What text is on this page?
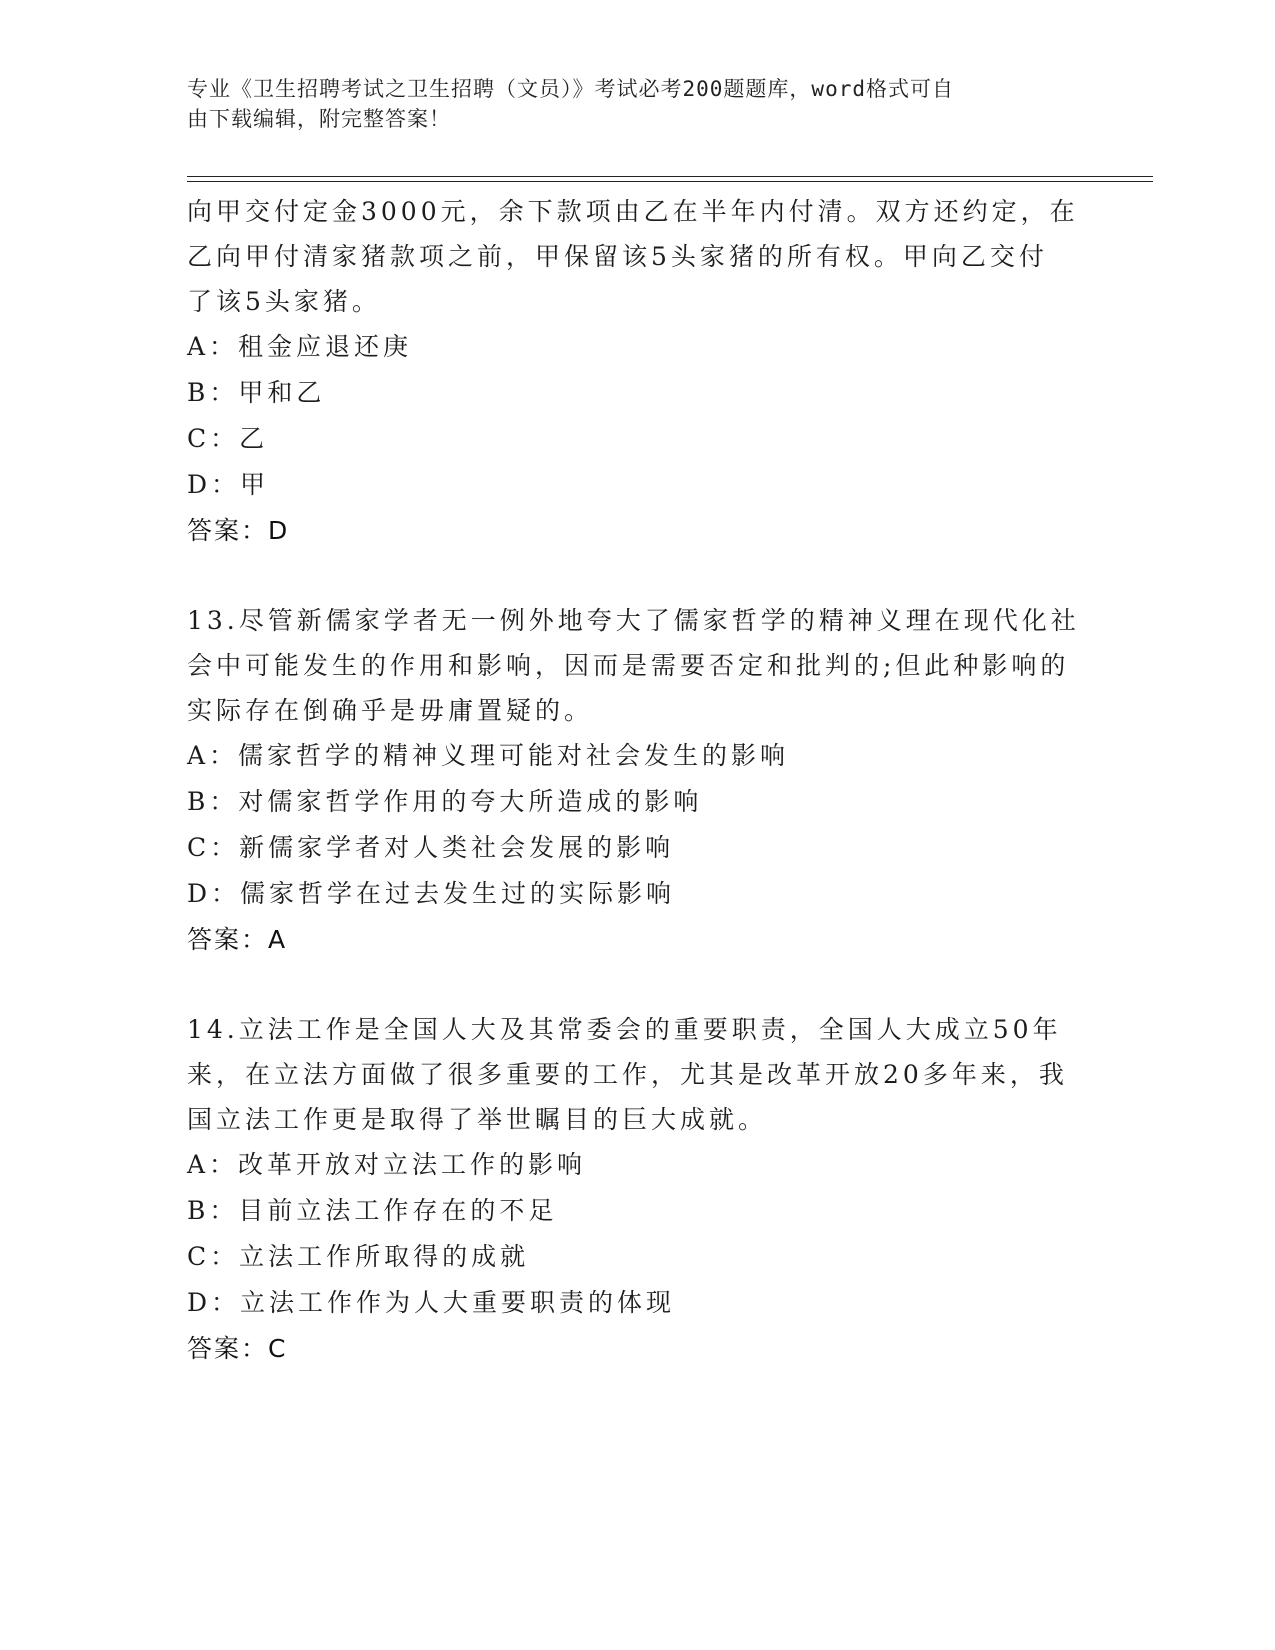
专业《卫生招聘考试之卫生招聘（文员）》考试必考200题题库，word格式可自
由下载编辑，附完整答案！
向甲交付定金3000元，余下款项由乙在半年内付清。双方还约定，在
乙向甲付清家猪款项之前，甲保留该5头家猪的所有权。甲向乙交付
了该5头家猪。
A：租金应退还庚
B：甲和乙
C：乙
D：甲
答案：D
13.尽管新儒家学者无一例外地夸大了儒家哲学的精神义理在现代化社
会中可能发生的作用和影响，因而是需要否定和批判的;但此种影响的
实际存在倒确乎是毋庸置疑的。
A：儒家哲学的精神义理可能对社会发生的影响
B：对儒家哲学作用的夸大所造成的影响
C：新儒家学者对人类社会发展的影响
D：儒家哲学在过去发生过的实际影响
答案：A
14.立法工作是全国人大及其常委会的重要职责，全国人大成立50年
来，在立法方面做了很多重要的工作，尤其是改革开放20多年来，我
国立法工作更是取得了举世瞩目的巨大成就。
A：改革开放对立法工作的影响
B：目前立法工作存在的不足
C：立法工作所取得的成就
D：立法工作作为人大重要职责的体现
答案：C
